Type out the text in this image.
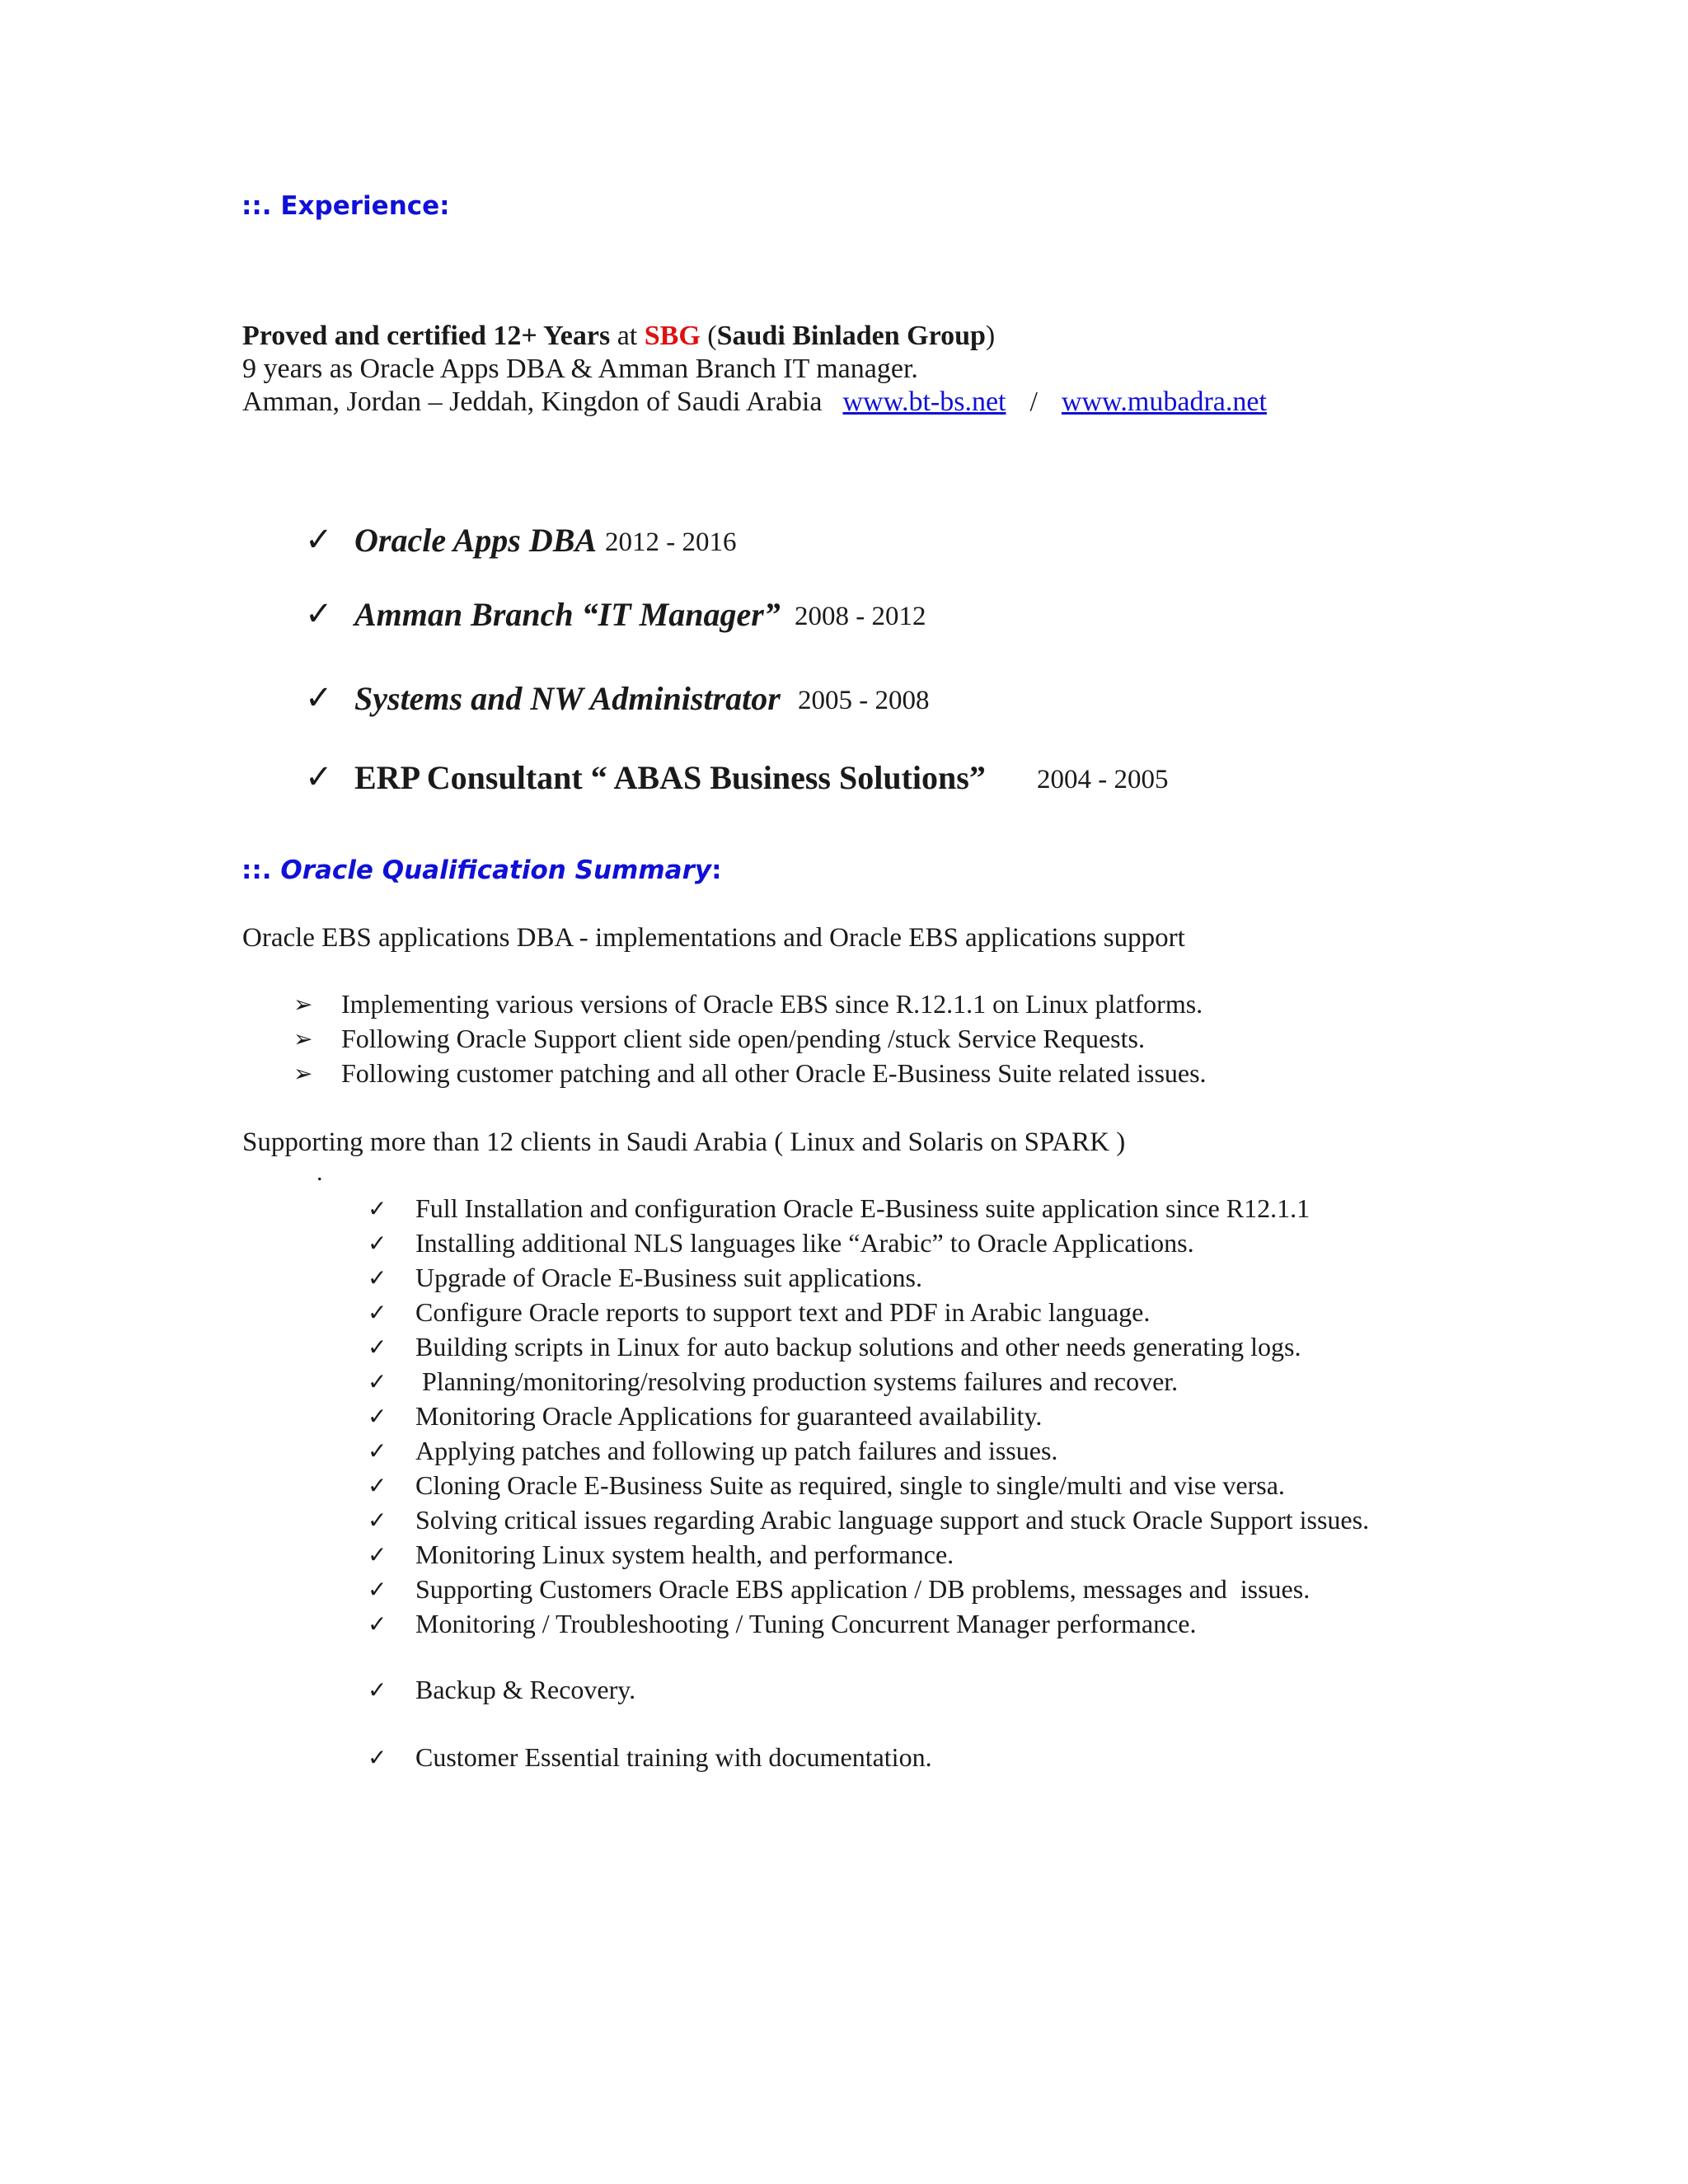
::. Experience:
Proved and certified 12+ Years at SBG (Saudi Binladen Group)
9 years as Oracle Apps DBA & Amman Branch IT manager.
Amman, Jordan – Jeddah, Kingdon of Saudi Arabia www.bt-bs.net / www.mubadra.net
✓ Oracle Apps DBA 2012 - 2016
✓ Amman Branch “IT Manager” 2008 - 2012
✓ Systems and NW Administrator 2005 - 2008
✓ ERP Consultant “ ABAS Business Solutions” 2004 - 2005
::. Oracle Qualification Summary:
Oracle EBS applications DBA - implementations and Oracle EBS applications support
➢ Implementing various versions of Oracle EBS since R.12.1.1 on Linux platforms.
➢ Following Oracle Support client side open/pending /stuck Service Requests.
➢ Following customer patching and all other Oracle E-Business Suite related issues.
Supporting more than 12 clients in Saudi Arabia ( Linux and Solaris on SPARK )
.
✓ Full Installation and configuration Oracle E-Business suite application since R12.1.1
✓ Installing additional NLS languages like “Arabic” to Oracle Applications.
✓ Upgrade of Oracle E-Business suit applications.
✓ Configure Oracle reports to support text and PDF in Arabic language.
✓ Building scripts in Linux for auto backup solutions and other needs generating logs.
✓ Planning/monitoring/resolving production systems failures and recover.
✓ Monitoring Oracle Applications for guaranteed availability.
✓ Applying patches and following up patch failures and issues.
✓ Cloning Oracle E-Business Suite as required, single to single/multi and vise versa.
✓ Solving critical issues regarding Arabic language support and stuck Oracle Support issues.
✓ Monitoring Linux system health, and performance.
✓ Supporting Customers Oracle EBS application / DB problems, messages and  issues.
✓ Monitoring / Troubleshooting / Tuning Concurrent Manager performance.
✓ Backup & Recovery.
✓ Customer Essential training with documentation.
